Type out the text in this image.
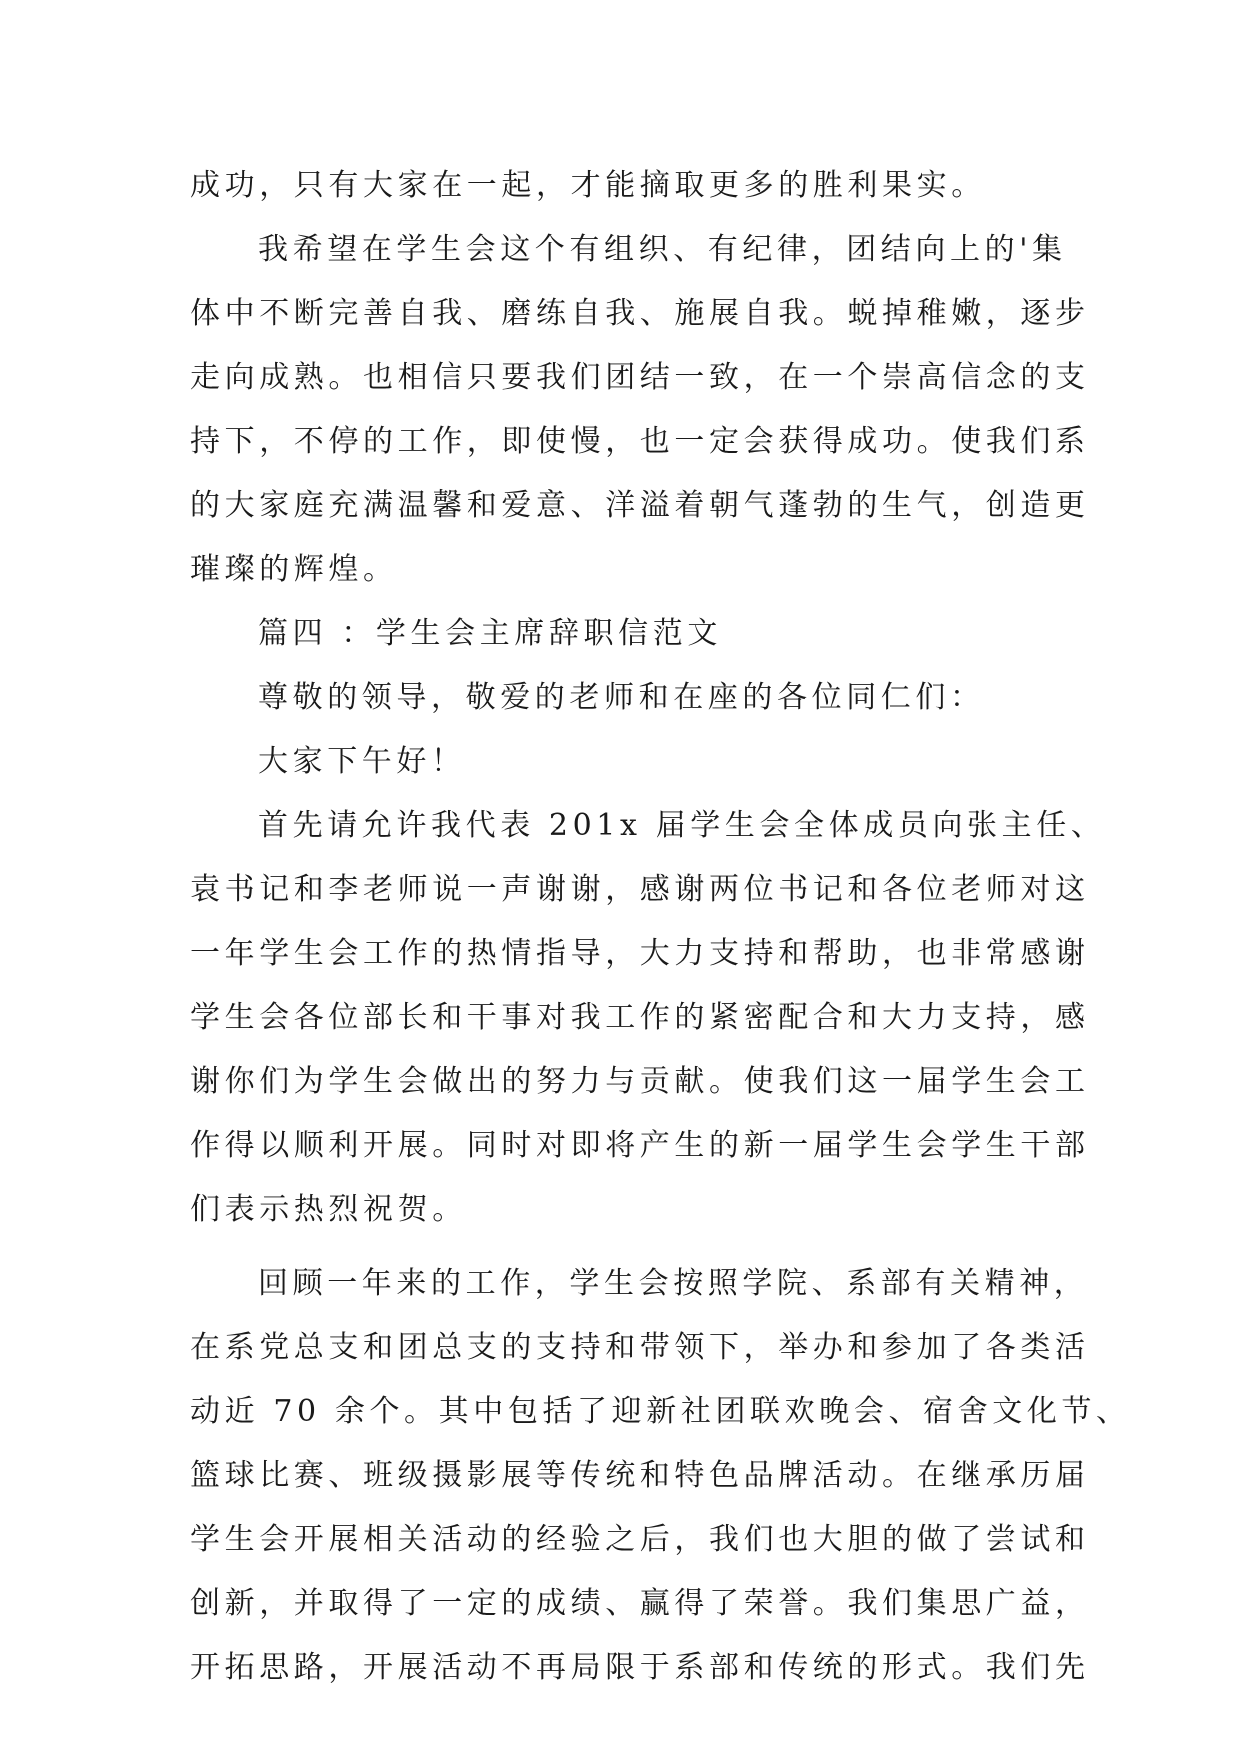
成功，只有大家在一起，才能摘取更多的胜利果实。
我希望在学生会这个有组织、有纪律，团结向上的'集
体中不断完善自我、磨练自我、施展自我。蜕掉稚嫩，逐步
走向成熟。也相信只要我们团结一致，在一个崇高信念的支
持下，不停的工作，即使慢，也一定会获得成功。使我们系
的大家庭充满温馨和爱意、洋溢着朝气蓬勃的生气，创造更
璀璨的辉煌。
篇四 ：学生会主席辞职信范文
尊敬的领导，敬爱的老师和在座的各位同仁们：
大家下午好！
首先请允许我代表 201x 届学生会全体成员向张主任、
袁书记和李老师说一声谢谢，感谢两位书记和各位老师对这
一年学生会工作的热情指导，大力支持和帮助，也非常感谢
学生会各位部长和干事对我工作的紧密配合和大力支持，感
谢你们为学生会做出的努力与贡献。使我们这一届学生会工
作得以顺利开展。同时对即将产生的新一届学生会学生干部
们表示热烈祝贺。
回顾一年来的工作，学生会按照学院、系部有关精神，
在系党总支和团总支的支持和带领下，举办和参加了各类活
动近 70 余个。其中包括了迎新社团联欢晚会、宿舍文化节、
篮球比赛、班级摄影展等传统和特色品牌活动。在继承历届
学生会开展相关活动的经验之后，我们也大胆的做了尝试和
创新，并取得了一定的成绩、赢得了荣誉。我们集思广益，
开拓思路，开展活动不再局限于系部和传统的形式。我们先
